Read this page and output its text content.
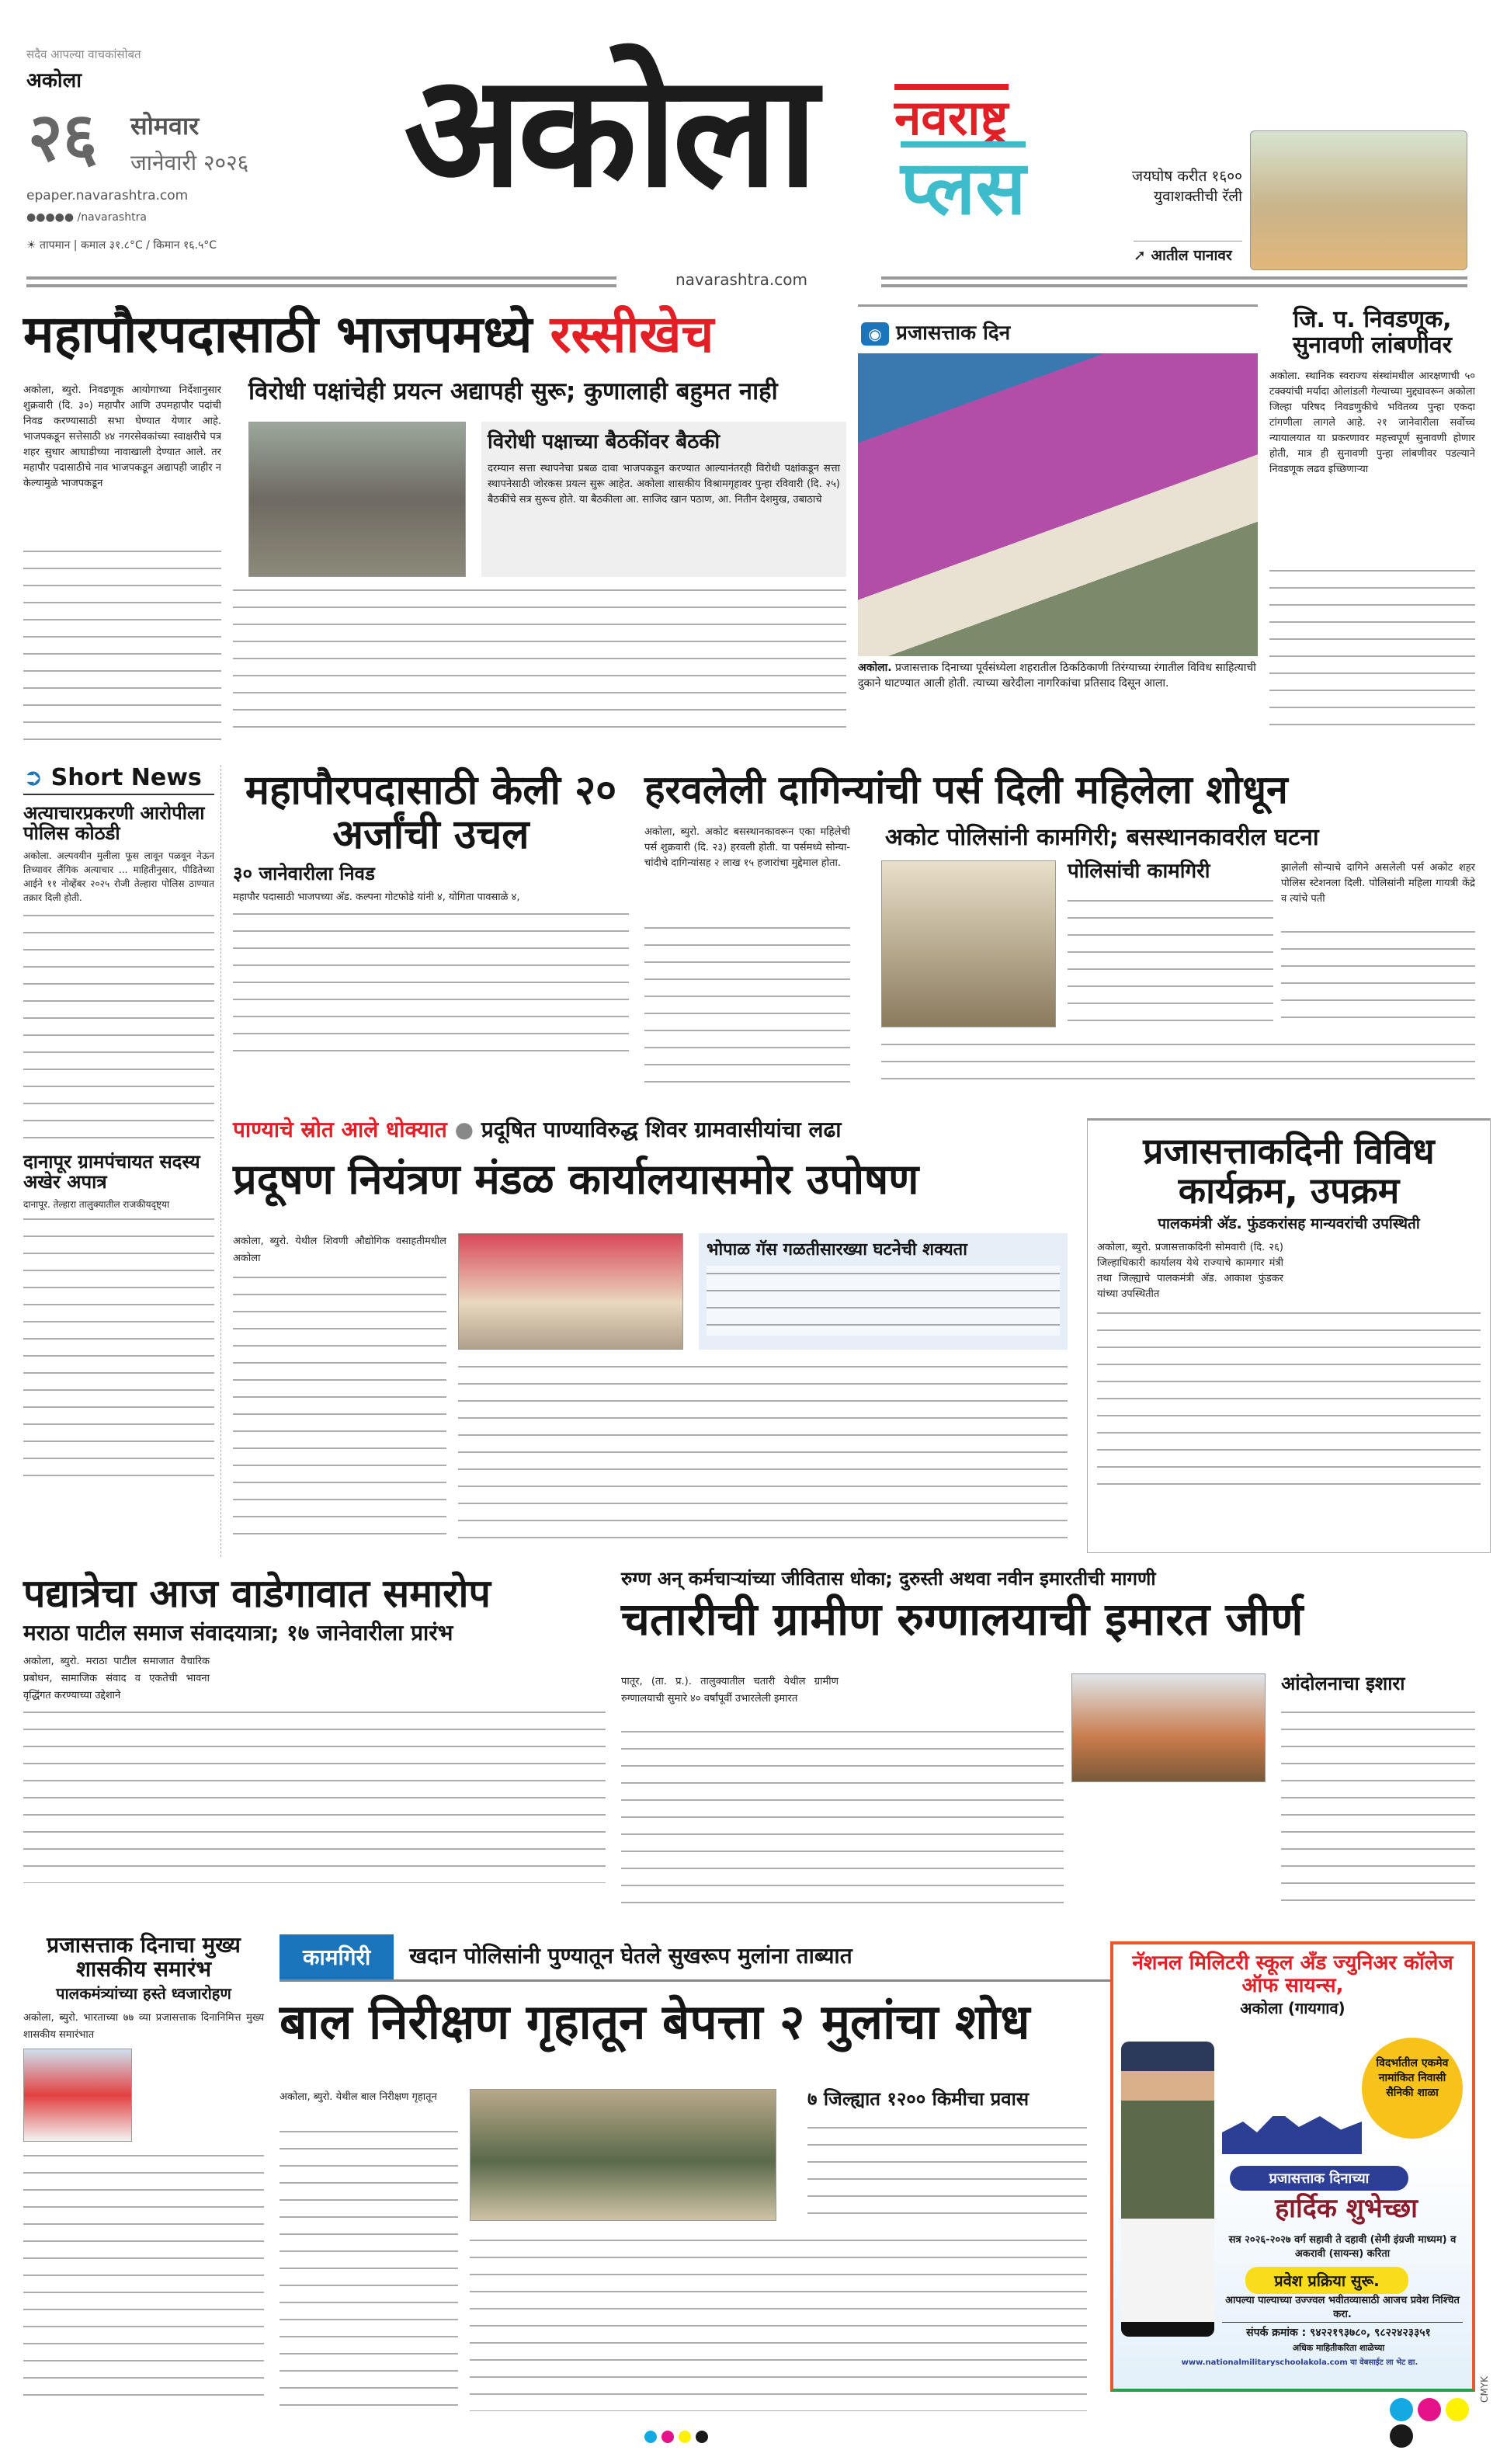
सदैव आपल्या वाचकांसोबत
अकोला
२६ सोमवार
जानेवारी २०२६
epaper.navarashtra.com
●●●●● /navarashtra
☀ तापमान | कमाल ३१.८°C / किमान १६.५°C
अकोला नवराष्ट्र
प्लस	जयघोष करीत १६०० युवाशक्तीची रॅली
➚ आतील पानावर
navarashtra.com
महापौरपदासाठी भाजपमध्ये रस्सीखेच
विरोधी पक्षांचेही प्रयत्न अद्यापही सुरू; कुणालाही बहुमत नाही
अकोला, ब्युरो. निवडणूक आयोगाच्या निर्देशानुसार शुक्रवारी (दि. ३०) महापौर आणि उपमहापौर पदांची निवड करण्यासाठी सभा घेण्यात येणार आहे. भाजपकडून सत्तेसाठी ४४ नगरसेवकांच्या स्वाक्षरीचे पत्र शहर सुधार आघाडीच्या नावाखाली देण्यात आले. तर महापौर पदासाठीचे नाव भाजपकडून अद्यापही जाहीर न केल्यामुळे भाजपकडून
विरोधी पक्षाच्या बैठकींवर बैठकी
दरम्यान सत्ता स्थापनेचा प्रबळ दावा भाजपकडून करण्यात आल्यानंतरही विरोधी पक्षांकडून सत्ता स्थापनेसाठी जोरकस प्रयत्न सुरू आहेत. अकोला शासकीय विश्रामगृहावर पुन्हा रविवारी (दि. २५) बैठकींचे सत्र सुरूच होते. या बैठकीला आ. साजिद खान पठाण, आ. नितीन देशमुख, उबाठाचे
◉ प्रजासत्ताक दिन
अकोला. प्रजासत्ताक दिनाच्या पूर्वसंध्येला शहरातील ठिकठिकाणी तिरंग्याच्या रंगातील विविध साहित्याची दुकाने थाटण्यात आली होती. त्याच्या खरेदीला नागरिकांचा प्रतिसाद दिसून आला.
जि. प. निवडणूक, सुनावणी लांबणीवर
अकोला. स्थानिक स्वराज्य संस्थांमधील आरक्षणाची ५० टक्क्यांची मर्यादा ओलांडली गेल्याच्या मुद्द्यावरून अकोला जिल्हा परिषद निवडणुकीचे भवितव्य पुन्हा एकदा टांगणीला लागले आहे. २१ जानेवारीला सर्वोच्च न्यायालयात या प्रकरणावर महत्त्वपूर्ण सुनावणी होणार होती, मात्र ही सुनावणी पुन्हा लांबणीवर पडल्याने निवडणूक लढव इच्छिणाऱ्या
➲ Short News
अत्याचारप्रकरणी आरोपीला पोलिस कोठडी
अकोला. अल्पवयीन मुलीला फूस लावून पळवून नेऊन तिच्यावर लैंगिक अत्याचार ... माहितीनुसार, पीडितेच्या आईने ११ नोव्हेंबर २०२५ रोजी तेल्हारा पोलिस ठाण्यात तक्रार दिली होती.
दानापूर ग्रामपंचायत सदस्य अखेर अपात्र
दानापूर. तेल्हारा तालुक्यातील राजकीयदृष्ट्या
महापौरपदासाठी केली २० अर्जांची उचल
३० जानेवारीला निवड
महापौर पदासाठी भाजपच्या अ‍ॅड. कल्पना गोटफोडे यांनी ४, योगिता पावसाळे ४,
हरवलेली दागिन्यांची पर्स दिली महिलेला शोधून
अकोला, ब्युरो. अकोट बसस्थानकावरून एका महिलेची पर्स शुक्रवारी (दि. २३) हरवली होती. या पर्समध्ये सोन्या-चांदीचे दागिन्यांसह २ लाख १५ हजारांचा मुद्देमाल होता.
अकोट पोलिसांनी कामगिरी; बसस्थानकावरील घटना
पोलिसांची कामगिरी	झालेली सोन्याचे दागिने असलेली पर्स अकोट शहर पोलिस स्टेशनला दिली. पोलिसांनी महिला गायत्री केंद्रे व त्यांचे पती
पाण्याचे स्रोत आले धोक्यात ● प्रदूषित पाण्याविरुद्ध शिवर ग्रामवासीयांचा लढा
प्रदूषण नियंत्रण मंडळ कार्यालयासमोर उपोषण
अकोला, ब्युरो. येथील शिवणी औद्योगिक वसाहतीमधील अकोला	भोपाळ गॅस गळतीसारख्या घटनेची शक्यता
प्रजासत्ताकदिनी विविध कार्यक्रम, उपक्रम
पालकमंत्री अ‍ॅड. फुंडकरांसह मान्यवरांची उपस्थिती
अकोला, ब्युरो. प्रजासत्ताकदिनी सोमवारी (दि. २६) जिल्हाधिकारी कार्यालय येथे राज्याचे कामगार मंत्री तथा जिल्ह्याचे पालकमंत्री अ‍ॅड. आकाश फुंडकर यांच्या उपस्थितीत
पद्यात्रेचा आज वाडेगावात समारोप
मराठा पाटील समाज संवादयात्रा; १७ जानेवारीला प्रारंभ
अकोला, ब्युरो. मराठा पाटील समाजात वैचारिक प्रबोधन, सामाजिक संवाद व एकतेची भावना वृद्धिंगत करण्याच्या उद्देशाने
रुग्ण अन् कर्मचाऱ्यांच्या जीवितास धोका; दुरुस्ती अथवा नवीन इमारतीची मागणी
चतारीची ग्रामीण रुग्णालयाची इमारत जीर्ण
पातूर, (ता. प्र.). तालुक्यातील चतारी येथील ग्रामीण रुग्णालयाची सुमारे ४० वर्षांपूर्वी उभारलेली इमारत
आंदोलनाचा इशारा
प्रजासत्ताक दिनाचा मुख्य शासकीय समारंभ
पालकमंत्र्यांच्या हस्ते ध्वजारोहण
अकोला, ब्युरो. भारताच्या ७७ व्या प्रजासत्ताक दिनानिमित्त मुख्य शासकीय समारंभात
कामगिरी	खदान पोलिसांनी पुण्यातून घेतले सुखरूप मुलांना ताब्यात
बाल निरीक्षण गृहातून बेपत्ता २ मुलांचा शोध
अकोला, ब्युरो. येथील बाल निरीक्षण गृहातून	७ जिल्ह्यात १२०० किमीचा प्रवास
नॅशनल मिलिटरी स्कूल अँड ज्युनिअर कॉलेज ऑफ सायन्स,
अकोला (गायगाव)
विदर्भातील एकमेव नामांकित निवासी सैनिकी शाळा
प्रजासत्ताक दिनाच्या
हार्दिक शुभेच्छा
सत्र २०२६-२०२७ वर्ग सहावी ते दहावी (सेमी इंग्रजी माध्यम) व अकरावी (सायन्स) करिता
प्रवेश प्रक्रिया सुरू.
आपल्या पाल्याच्या उज्ज्वल भवीतव्यासाठी आजच प्रवेश निश्चित करा.
संपर्क क्रमांक : ९४२२१९३७८०, ९८२२४२३३५१
अधिक माहितीकरिता शाळेच्या
www.nationalmilitaryschoolakola.com या वेबसाईट ला भेट द्या.
CMYK
